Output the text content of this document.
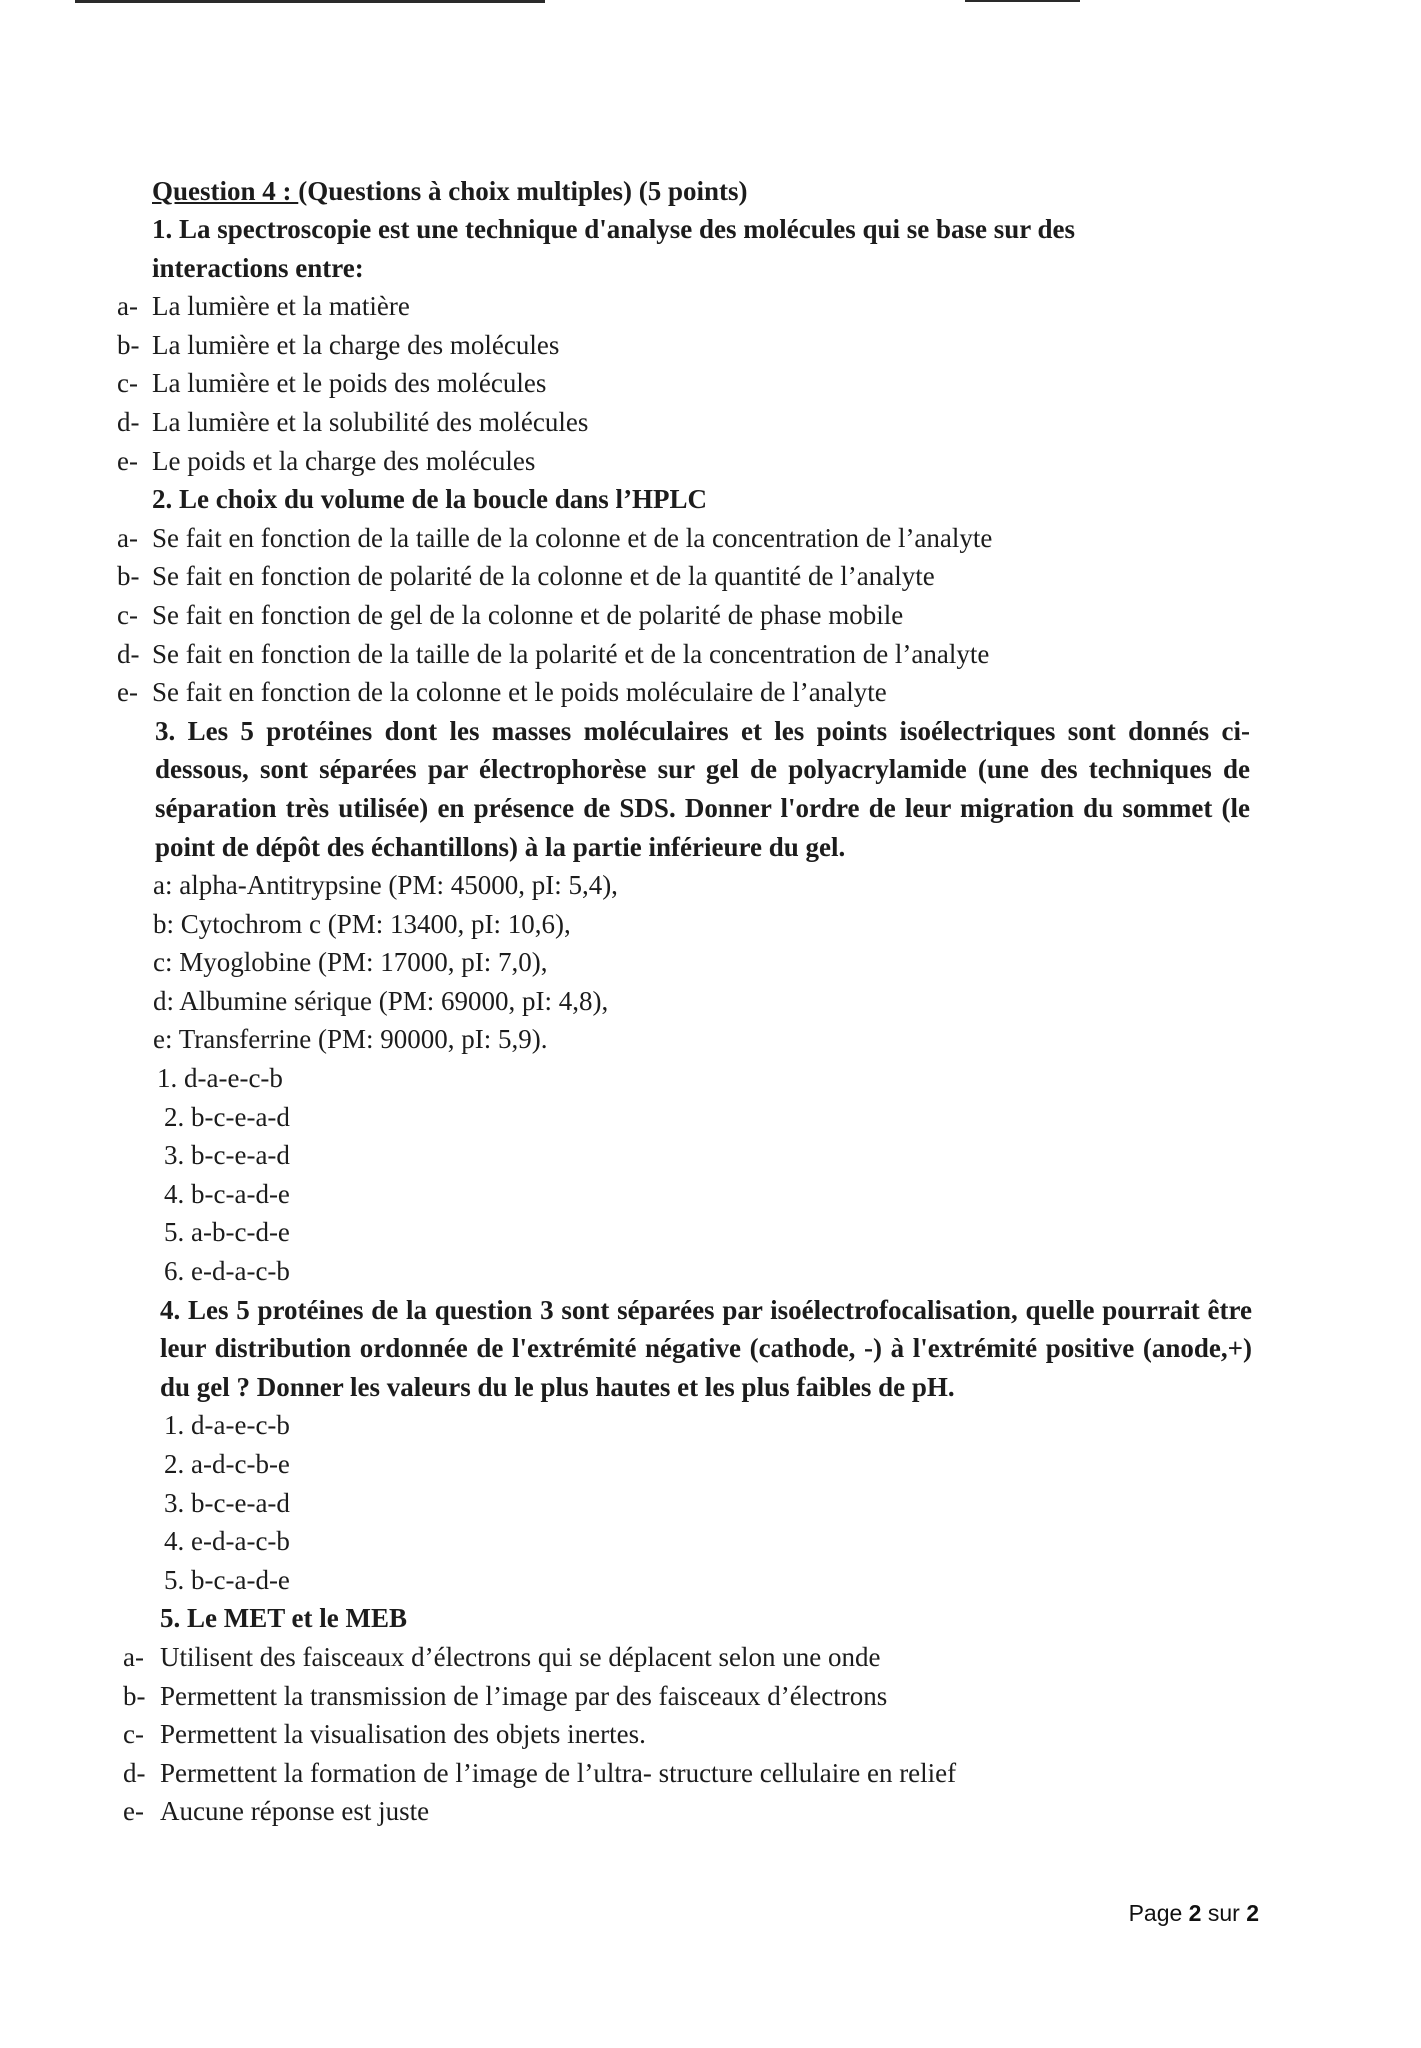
Question 4 : (Questions à choix multiples) (5 points)
1. La spectroscopie est une technique d'analyse des molécules qui se base sur des interactions entre:
a- La lumière et la matière
b- La lumière et la charge des molécules
c- La lumière et le poids des molécules
d- La lumière et la solubilité des molécules
e- Le poids et la charge des molécules
2. Le choix du volume de la boucle dans l’HPLC
a- Se fait en fonction de la taille de la colonne et de la concentration de l’analyte
b- Se fait en fonction de polarité de la colonne et de la quantité de l’analyte
c- Se fait en fonction de gel de la colonne et de polarité de phase mobile
d- Se fait en fonction de la taille de la polarité et de la concentration de l’analyte
e- Se fait en fonction de la colonne et le poids moléculaire de l’analyte
3. Les 5 protéines dont les masses moléculaires et les points isoélectriques sont donnés ci-dessous, sont séparées par électrophorèse sur gel de polyacrylamide (une des techniques de séparation très utilisée) en présence de SDS. Donner l'ordre de leur migration du sommet (le point de dépôt des échantillons) à la partie inférieure du gel.
a: alpha-Antitrypsine (PM: 45000, pI: 5,4),
b: Cytochrom c (PM: 13400, pI: 10,6),
c: Myoglobine (PM: 17000, pI: 7,0),
d: Albumine sérique (PM: 69000, pI: 4,8),
e: Transferrine (PM: 90000, pI: 5,9).
1. d-a-e-c-b
2. b-c-e-a-d
3. b-c-e-a-d
4. b-c-a-d-e
5. a-b-c-d-e
6. e-d-a-c-b
4. Les 5 protéines de la question 3 sont séparées par isoélectrofocalisation, quelle pourrait être leur distribution ordonnée de l'extrémité négative (cathode, -) à l'extrémité positive (anode,+) du gel ? Donner les valeurs du le plus hautes et les plus faibles de pH.
1. d-a-e-c-b
2. a-d-c-b-e
3. b-c-e-a-d
4. e-d-a-c-b
5. b-c-a-d-e
5. Le MET et le MEB
a- Utilisent des faisceaux d’électrons qui se déplacent selon une onde
b- Permettent la transmission de l’image par des faisceaux d’électrons
c- Permettent la visualisation des objets inertes.
d- Permettent la formation de l’image de l’ultra- structure cellulaire en relief
e- Aucune réponse est juste
Page 2 sur 2
